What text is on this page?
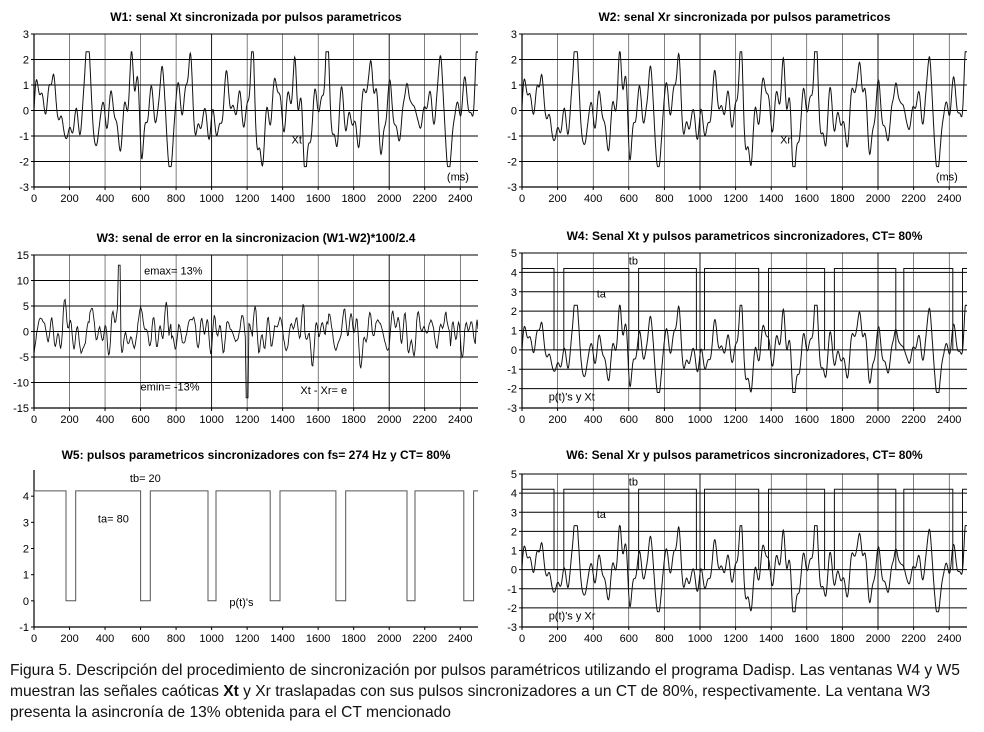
W1: senal Xt sincronizada por pulsos parametricos
3
2
1
0
-1
-2
-3
0 200 400 600 800 1000 1200 1400 1600 1800 2000 2200 2400
Xt
(ms)
W2: senal Xr sincronizada por pulsos parametricos
3
2
1
0
-1
-2
-3
0 200 400 600 800 1000 1200 1400 1600 1800 2000 2200 2400
Xr
(ms)
W3: senal de error en la sincronizacion (W1-W2)*100/2.4
15
10
5
0
-5
-10
-15
0 200 400 600 800 1000 1200 1400 1600 1800 2000 2200 2400
emax= 13%
emin= -13%	Xt - Xr= e
W4: Senal Xt y pulsos parametricos sincronizadores, CT= 80%
5
4
3
2
1
0
-1
-2
-3
0 200 400 600 800 1000 1200 1400 1600 1800 2000 2200 2400
tb
ta
p(t)'s y Xt
W5: pulsos parametricos sincronizadores con fs= 274 Hz y CT= 80%
4
3
2
1
0
-1
0 200 400 600 800 1000 1200 1400 1600 1800 2000 2200 2400
tb= 20
ta= 80
p(t)'s
W6: Senal Xr y pulsos parametricos sincronizadores, CT= 80%
5
4
3
2
1
0
-1
-2
-3
0 200 400 600 800 1000 1200 1400 1600 1800 2000 2200 2400
tb
ta
p(t)'s y Xr
Figura 5. Descripción del procedimiento de sincronización por pulsos paramétricos utilizando el programa Dadisp. Las ventanas W4 y W5 muestran las señales caóticas Xt y Xr traslapadas con sus pulsos sincronizadores a un CT de 80%, respectivamente. La ventana W3 presenta la asincronía de 13% obtenida para el CT mencionado
